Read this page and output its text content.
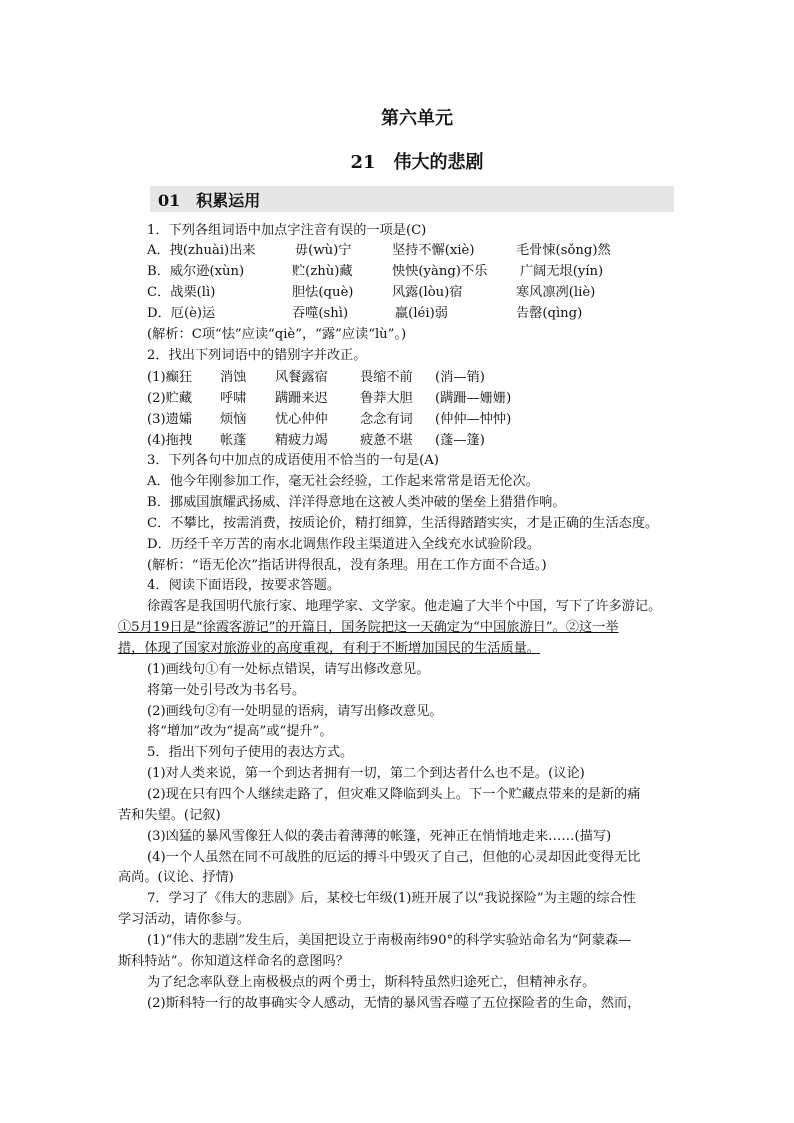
第六单元
21　伟大的悲剧
01　积累运用
1．下列各组词语中加点字注音有误的一项是(C)
A．拽(zhuài)出来	毋(wù)宁	坚持不懈(xiè)	毛骨悚(sǒng)然
B．威尔逊(xùn)	贮(zhù)藏	怏怏(yàng)不乐 广阔无垠(yín)
C．战栗(lì)	胆怯(què)	风露(lòu)宿	寒风凛冽(liè)
D．厄(è)运	吞噬(shì)	羸(léi)弱	告罄(qìng)
(解析：C项“怯”应读“qiè”，“露”应读“lù”。)
2．找出下列词语中的错别字并改正。
(1)癫狂 消蚀 风餐露宿 畏缩不前 (消—销)
(2)贮藏 呼啸 蹒跚来迟 鲁莽大胆 (蹒跚—姗姗)
(3)遗孀 烦恼 忧心仲仲 念念有词 (仲仲—忡忡)
(4)拖拽 帐蓬 精疲力竭 疲惫不堪 (蓬—篷)
3．下列各句中加点的成语使用不恰当的一句是(A)
A．他今年刚参加工作，毫无社会经验，工作起来常常是语无伦次。
B．挪威国旗耀武扬威、洋洋得意地在这被人类冲破的堡垒上猎猎作响。
C．不攀比，按需消费，按质论价，精打细算，生活得踏踏实实，才是正确的生活态度。
D．历经千辛万苦的南水北调焦作段主渠道进入全线充水试验阶段。
(解析：“语无伦次”指话讲得很乱，没有条理。用在工作方面不合适。)
4．阅读下面语段，按要求答题。
徐霞客是我国明代旅行家、地理学家、文学家。他走遍了大半个中国，写下了许多游记。
①5月19日是“徐霞客游记”的开篇日，国务院把这一天确定为“中国旅游日”。②这一举
措，体现了国家对旅游业的高度重视，有利于不断增加国民的生活质量。
(1)画线句①有一处标点错误，请写出修改意见。
将第一处引号改为书名号。
(2)画线句②有一处明显的语病，请写出修改意见。
将“增加”改为“提高”或“提升”。
5．指出下列句子使用的表达方式。
(1)对人类来说，第一个到达者拥有一切，第二个到达者什么也不是。(议论)
(2)现在只有四个人继续走路了，但灾难又降临到头上。下一个贮藏点带来的是新的痛
苦和失望。(记叙)
(3)凶猛的暴风雪像狂人似的袭击着薄薄的帐篷，死神正在悄悄地走来……(描写)
(4)一个人虽然在同不可战胜的厄运的搏斗中毁灭了自己，但他的心灵却因此变得无比
高尚。(议论、抒情)
7．学习了《伟大的悲剧》后，某校七年级(1)班开展了以“我说探险”为主题的综合性
学习活动，请你参与。
(1)“伟大的悲剧”发生后，美国把设立于南极南纬90°的科学实验站命名为“阿蒙森—
斯科特站”。你知道这样命名的意图吗？
为了纪念率队登上南极极点的两个勇士，斯科特虽然归途死亡，但精神永存。
(2)斯科特一行的故事确实令人感动，无情的暴风雪吞噬了五位探险者的生命，然而，
